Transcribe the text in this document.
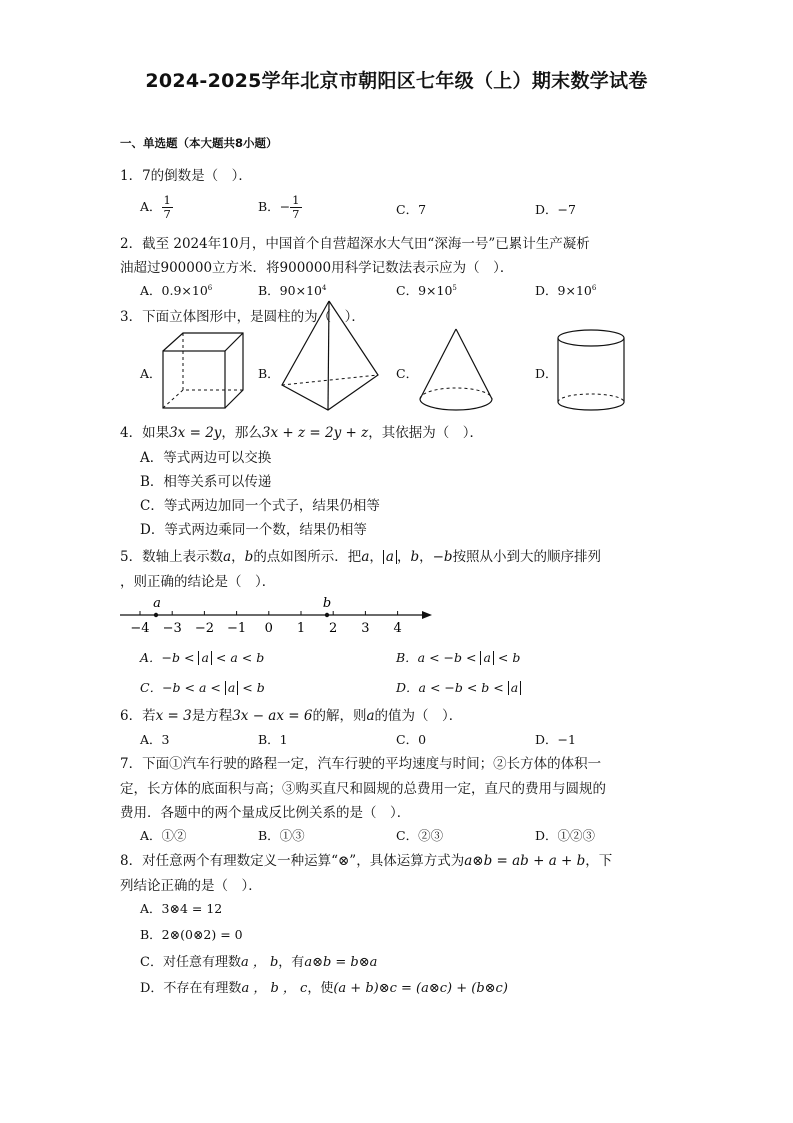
2024-2025学年北京市朝阳区七年级（上）期末数学试卷
一、单选题（本大题共8小题）
1．7的倒数是（　）．
A． $\frac{1}{7}$	B．− $\frac{1}{7}$	C．7	D．−7
2．截至 2024年10月，中国首个自营超深水大气田“深海一号”已累计生产凝析
油超过900000立方米．将900000用科学记数法表示应为（　）．
A．$0.9\times 10^6$	B．$90\times 10^4$	C．$9\times 10^5$	D．$9\times 10^6$
3．下面立体图形中，是圆柱的为（　）．
A．	B．	C．	D．
4．如果3x = 2y，那么3x + z = 2y + z，其依据为（　）．
A．等式两边可以交换
B．相等关系可以传递
C．等式两边加同一个式子，结果仍相等
D．等式两边乘同一个数，结果仍相等
5．数轴上表示数a，b的点如图所示．把a， a ，b，−b按照从小到大的顺序排列
，则正确的结论是（　）．
−4 −3 −2 −1 0 1 2 3 4
a	b
A．−b < a < a < b	B．a < −b < a < b
C．−b < a < a < b	D．a < −b < b < a
6．若x = 3是方程3x − ax = 6的解，则a的值为（　）．
A．3	B．1	C．0	D．−1
7．下面①汽车行驶的路程一定，汽车行驶的平均速度与时间；②长方体的体积一
定，长方体的底面积与高；③购买直尺和圆规的总费用一定，直尺的费用与圆规的
费用．各题中的两个量成反比例关系的是（　）．
A．①②	B．①③	C．②③	D．①②③
8．对任意两个有理数定义一种运算“⊗”，具体运算方式为a⊗b = ab + a + b，下
列结论正确的是（　）．
A．3⊗4 = 12
B．2⊗(0⊗2) = 0
C．对任意有理数a ， b，有a⊗b = b⊗a
D．不存在有理数a ， b ， c，使(a + b)⊗c = (a⊗c) + (b⊗c)
